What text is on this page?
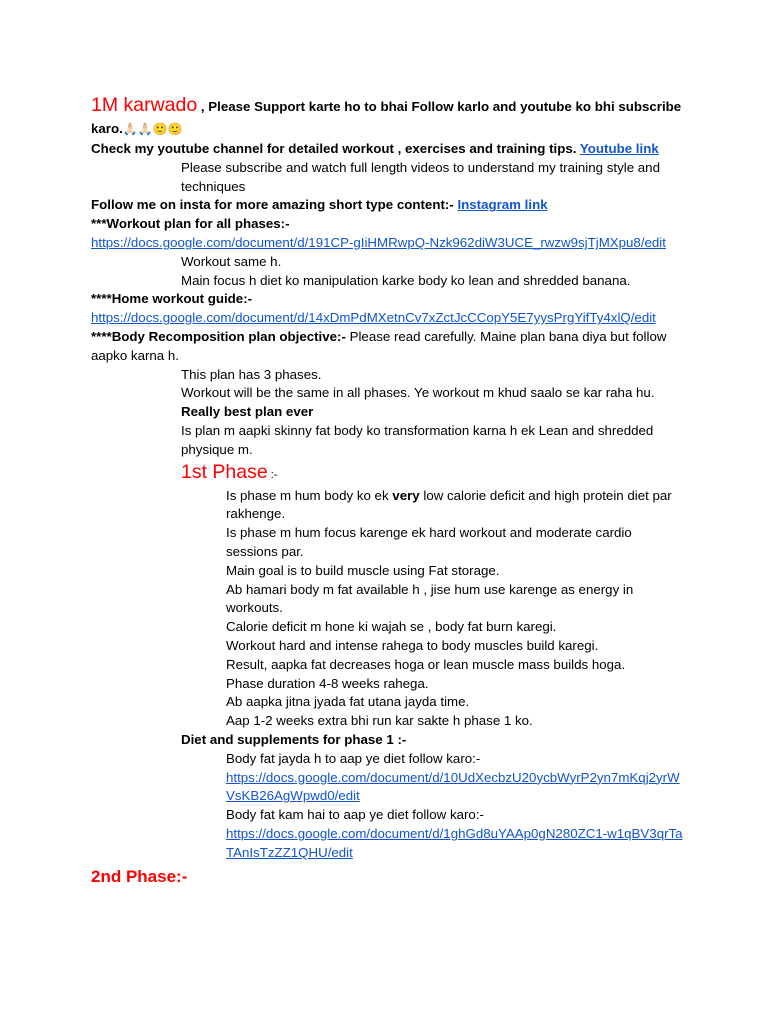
1M karwado , Please Support karte ho to bhai Follow karlo and youtube ko bhi subscribe karo.🙏🏻🙏🏻🙂🙂

Check my youtube channel for detailed workout , exercises and training tips. Youtube link

Please subscribe and watch full length videos to understand my training style and techniques

Follow me on insta for more amazing short type content:- Instagram link

***Workout plan for all phases:-

https://docs.google.com/document/d/191CP-gIiHMRwpQ-Nzk962diW3UCE_rwzw9sjTjMXpu8/edit

Workout same h.

Main focus h diet ko manipulation karke body ko lean and shredded banana.

****Home workout guide:-

https://docs.google.com/document/d/14xDmPdMXetnCv7xZctJcCCopY5E7yysPrgYifTy4xlQ/edit

****Body Recomposition plan objective:- Please read carefully. Maine plan bana diya but follow aapko karna h.

This plan has 3 phases.

Workout will be the same in all phases. Ye workout m khud saalo se kar raha hu.

Really best plan ever

Is plan m aapki skinny fat body ko transformation karna h ek Lean and shredded physique m.

1st Phase :-

Is phase m hum body ko ek very low calorie deficit and high protein diet par rakhenge.

Is phase m hum focus karenge ek hard workout and moderate cardio sessions par.

Main goal is to build muscle using Fat storage.

Ab hamari body m fat available h , jise hum use karenge as energy in workouts.

Calorie deficit m hone ki wajah se , body fat burn karegi.

Workout hard and intense rahega to body muscles build karegi.

Result, aapka fat decreases hoga or lean muscle mass builds hoga.

Phase duration 4-8 weeks rahega.

Ab aapka jitna jyada fat utana jayda time.

Aap 1-2 weeks extra bhi run kar sakte h phase 1 ko.

Diet and supplements for phase 1 :-

Body fat jayda h to aap ye diet follow karo:-

https://docs.google.com/document/d/10UdXecbzU20ycbWyrP2yn7mKqj2yrWVsKB26AgWpwd0/edit

Body fat kam hai to aap ye diet follow karo:-

https://docs.google.com/document/d/1ghGd8uYAAp0gN280ZC1-w1qBV3qrTaTAnIsTzZZ1QHU/edit

2nd Phase:-
